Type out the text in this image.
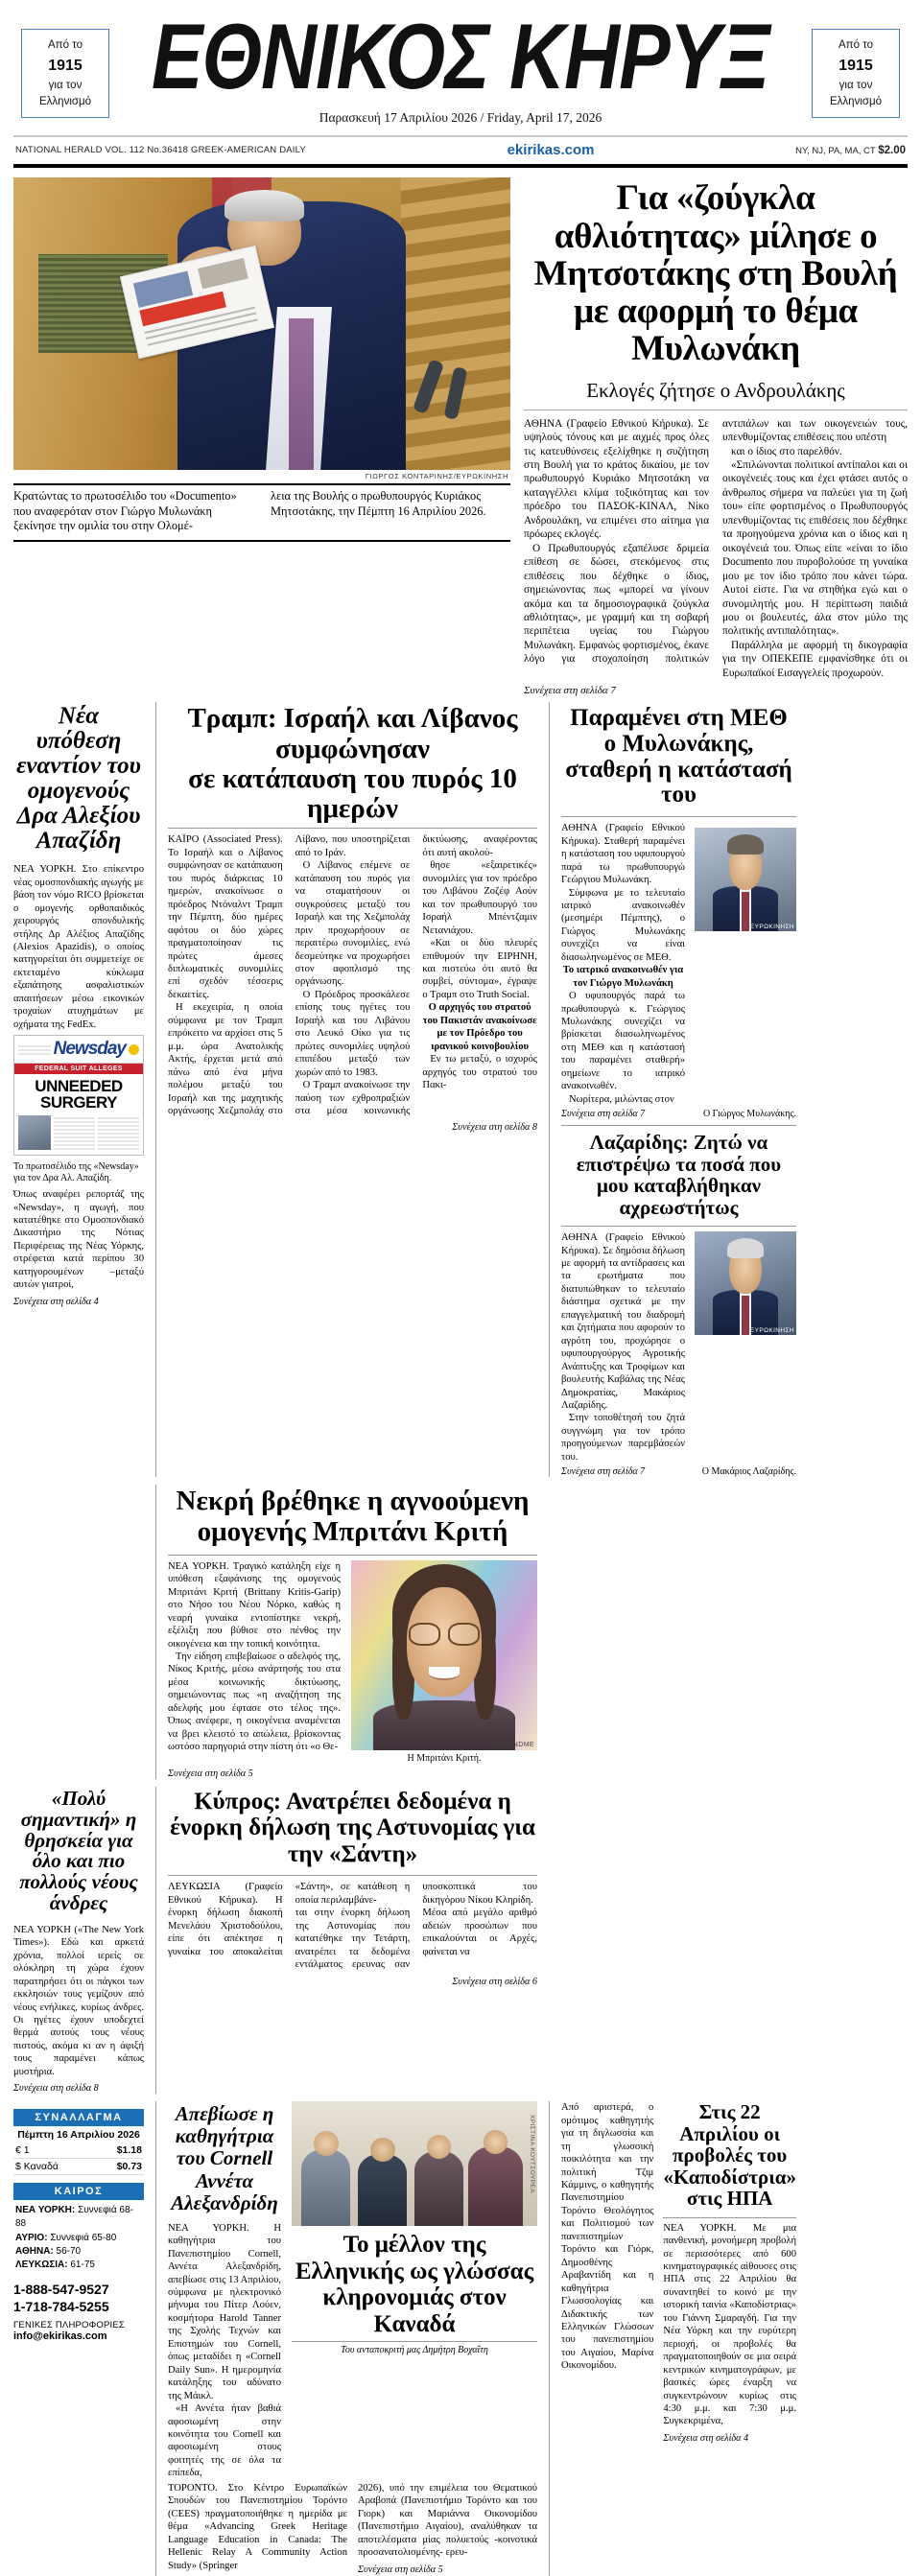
Από το
1915
για τον
Ελληνισμό ΕΘΝΙΚΟΣ ΚΗΡΥΞ
Παρασκευή 17 Απριλίου 2026 / Friday, April 17, 2026
Από το
1915
για τον
Ελληνισμό
NATIONAL HERALD VOL. 112 No.36418 GREEK-AMERICAN DAILY	ekirikas.com	NY, NJ, PA, MA, CT $2.00
ΓΙΩΡΓΟΣ ΚΟΝΤΑΡΙΝΗΣ/ΕΥΡΩΚΙΝΗΣΗ
Κρατώντας το πρωτοσέλιδο του «Documento» που αναφερόταν στον Γιώργο Μυλωνάκη ξεκίνησε την ομιλία του στην Ολομέ-
λεια της Βουλής ο πρωθυπουργός Κυριάκος Μητσοτάκης, την Πέμπτη 16 Απριλίου 2026.
Για «ζούγκλα αθλιότητας» μίλησε ο Μητσοτάκης στη Βουλή με αφορμή το θέμα Μυλωνάκη
Εκλογές ζήτησε ο Ανδρουλάκης

ΑΘΗΝΑ (Γραφείο Εθνικού Κήρυκα). Σε υψηλούς τόνους και με αιχμές προς όλες τις κατευθύνσεις εξελίχθηκε η συζήτηση στη Βουλή για το κράτος δικαίου, με τον πρωθυπουργό Κυριάκο Μητσοτάκη να καταγγέλλει κλίμα τοξικότητας και τον πρόεδρο του ΠΑΣΟΚ-ΚΙΝΑΛ, Νίκο Ανδρουλάκη, να επιμένει στο αίτημα για πρόωρες εκλογές.

Ο Πρωθυπουργός εξαπέλυσε δριμεία επίθεση σε δώσει, στεκόμενος στις επιθέσεις που δέχθηκε ο ίδιος, σημειώνοντας πως «μπορεί να γίνουν ακόμα και τα δημοσιογραφικά ζούγκλα αθλιότητας», με γραμμή και τη σοβαρή περιπέτεια υγείας του Γιώργου Μυλωνάκη. Εμφανώς φορτισμένος, έκανε λόγο για στοχοποίηση πολιτικών αντιπάλων και των οικογενειών τους, υπενθυμίζοντας επιθέσεις που υπέστη

και ο ίδιος στο παρελθόν.

«Σπιλώνονται πολιτικοί αντίπαλοι και οι οικογένειές τους και έχει φτάσει αυτός ο άνθρωπος σήμερα να παλεύει για τη ζωή του» είπε φορτισμένος ο Πρωθυπουργός υπενθυμίζοντας τις επιθέσεις που δέχθηκε τα προηγούμενα χρόνια και ο ίδιος και η οικογένειά του. Όπως είπε «είναι το ίδιο Documento που πυροβολούσε τη γυναίκα μου με τον ίδιο τρόπο που κάνει τώρα. Αυτοί είστε. Για να στηθήκα εγώ και ο συνομιλητής μου. Η περίπτωση παιδιά μου οι βουλευτές, άλα στον μύλο της πολιτικής αντιπαλότητας».

Παράλληλα με αφορμή τη δικογραφία για την ΟΠΕΚΕΠΕ εμφανίσθηκε ότι οι Ευρωπαϊκοί Εισαγγελείς προχωρούν.

Συνέχεια στη σελίδα 7
Νέα υπόθεση εναντίον του ομογενούς Δρα Αλεξίου Απαζίδη

ΝΕΑ ΥΟΡΚΗ. Στο επίκεντρο νέας ομοσπονδιακής αγωγής με βάση τον νόμο RICO βρίσκεται ο ομογενής ορθοπαιδικός χειρουργός σπονδυλικής στήλης Δρ Αλέξιος Απαζίδης (Alexios Apazidis), ο οποίος κατηγορείται ότι συμμετείχε σε εκτεταμένο κύκλωμα εξαπάτησης ασφαλιστικών απαιτήσεων μέσω εικονικών τροχαίων ατυχημάτων με οχήματα της FedEx.

Newsday
FEDERAL SUIT ALLEGES
UNNEEDED SURGERY
Το πρωτοσέλιδο της «Newsday» για τον Δρα Αλ. Απαζίδη.

Όπως αναφέρει ρεπορτάζ της «Newsday», η αγωγή, που κατατέθηκε στο Ομοσπονδιακό Δικαστήριο της Νότιας Περιφέρειας της Νέας Υόρκης, στρέφεται κατά περίπου 30 κατηγορουμένων –μεταξύ αυτών γιατροί,

Συνέχεια στη σελίδα 4
Τραμπ: Ισραήλ και Λίβανος συμφώνησαν
σε κατάπαυση του πυρός 10 ημερών

ΚΑΪΡΟ (Associated Press). Το Ισραήλ και ο Λίβανος συμφώνησαν σε κατάπαυση του πυρός διάρκειας 10 ημερών, ανακοίνωσε ο πρόεδρος Ντόναλντ Τραμπ την Πέμπτη, δύο ημέρες αφότου οι δύο χώρες πραγματοποίησαν τις πρώτες άμεσες διπλωματικές συνομιλίες επί σχεδόν τέσσερις δεκαετίες.

Η εκεχειρία, η οποία σύμφωνα με τον Τραμπ επρόκειτο να αρχίσει στις 5 μ.μ. ώρα Ανατολικής Ακτής, έρχεται μετά από πάνω από ένα μήνα πολέμου μεταξύ του Ισραήλ και της μαχητικής οργάνωσης Χεζμπολάχ στο Λίβανο, που υποστηρίζεται από το Ιράν.

Ο Λίβανος επέμενε σε κατάπαυση του πυρός για να σταματήσουν οι συγκρούσεις μεταξύ του Ισραήλ και της Χεζμπολάχ πριν προχωρήσουν σε περαιτέρω συνομιλίες, ενώ δεσμεύτηκε να προχωρήσει στον αφοπλισμό της οργάνωσης.

Ο Πρόεδρος προσκάλεσε επίσης τους ηγέτες του Ισραήλ και του Λιβάνου στο Λευκό Οίκο για τις πρώτες συνομιλίες υψηλού επιπέδου μεταξύ των χωρών από το 1983.

Ο Τραμπ ανακοίνωσε την παύση των εχθροπραξιών στα μέσα κοινωνικής δικτύωσης, αναφέροντας ότι αυτή ακολού-

θησε «εξαιρετικές» συνομιλίες για τον πρόεδρο του Λιβάνου Ζοζέφ Αούν και τον πρωθυπουργό του Ισραήλ Μπέντζαμιν Νετανιάχου.

«Και οι δύο πλευρές επιθυμούν την ΕΙΡΗΝΗ, και πιστεύω ότι αυτό θα συμβεί, σύντομα», έγραψε ο Τραμπ στο Truth Social.

Ο αρχηγός του στρατού του Πακιστάν ανακοίνωσε με τον Πρόεδρο του ιρανικού κοινοβουλίου

Εν τω μεταξύ, ο ισχυρός αρχηγός του στρατού του Πακι-

Συνέχεια στη σελίδα 8
Παραμένει στη ΜΕΘ ο Μυλωνάκης, σταθερή η κατάστασή του

ΑΘΗΝΑ (Γραφείο Εθνικού Κήρυκα). Σταθερή παραμένει η κατάσταση του υφυπουργού παρά τω πρωθυπουργώ Γεώργιου Μυλωνάκη.

Σύμφωνα με το τελευταίο ιατρικό ανακοινωθέν (μεσημέρι Πέμπτης), ο Γιώργος Μυλωνάκης συνεχίζει να είναι διασωληνωμένος σε ΜΕΘ.

Το ιατρικό ανακοινωθέν για τον Γιώργο Μυλωνάκη

Ο υφυπουργός παρά τω πρωθυπουργώ κ. Γεώργιος Μυλωνάκης συνεχίζει να βρίσκεται διασωληνωμένος στη ΜΕΘ και η κατάστασή του παραμένει σταθερή» σημείωνε το ιατρικό ανακοινωθέν.

Νωρίτερα, μιλώντας στον

ΕΥΡΩΚΙΝΗΣΗ
Συνέχεια στη σελίδα 7	Ο Γιώργος Μυλωνάκης.
Λαζαρίδης: Ζητώ να επιστρέψω τα ποσά που μου καταβλήθηκαν αχρεωστήτως

ΑΘΗΝΑ (Γραφείο Εθνικού Κήρυκα). Σε δημόσια δήλωση με αφορμή τα αντίδρασεις και τα ερωτήματα που διατυπώθηκαν το τελευταίο διάστημα σχετικά με την επαγγελματική του διαδρομή και ζητήματα που αφορούν το αγρότη του, προχώρησε ο υφυπουργούργος Αγροτικής Ανάπτυξης και Τροφίμων και βουλευτής Καβάλας της Νέας Δημοκρατίας, Μακάριος Λαζαρίδης.

Στην τοποθέτησή του ζητά συγγνώμη για τον τρόπο προηγούμενων παρεμβάσεών του.

ΕΥΡΩΚΙΝΗΣΗ
Συνέχεια στη σελίδα 7	Ο Μακάριος Λαζαρίδης.
Νεκρή βρέθηκε η αγνοούμενη ομογενής Μπριτάνι Κριτή

ΝΕΑ ΥΟΡΚΗ. Τραγικό κατάληξη είχε η υπόθεση εξαφάνισης της ομογενούς Μπριτάνι Κριτή (Brittany Kritis-Garip) στο Νήσο του Νέου Νόρκο, καθώς η νεαρή γυναίκα εντοπίστηκε νεκρή, εξέλιξη που βύθισε στο πένθος την οικογένεια και την τοπική κοινότητα.

Την είδηση επιβεβαίωσε ο αδελφός της, Νίκος Κριτής, μέσω ανάρτησής του στα μέσα κοινωνικής δικτύωσης, σημειώνοντας πως «η αναζήτηση της αδελφής μου έφτασε στο τέλος της». Όπως ανέφερε, η οικογένεια αναμένεται να βρει κλειστό το απώλεια, βρίσκοντας ωστόσο παρηγοριά στην πίστη ότι «ο Θε-	GOFUNDME
Η Μπριτάνι Κριτή.
Συνέχεια στη σελίδα 5
«Πολύ σημαντική» η θρησκεία για όλο και πιο πολλούς νέους άνδρες

ΝΕΑ ΥΟΡΚΗ («The New York Times»). Εδώ και αρκετά χρόνια, πολλοί ιερείς σε ολόκληρη τη χώρα έχουν παρατηρήσει ότι οι πάγκοι των εκκλησιών τους γεμίζουν από νέους ενήλικες, κυρίως άνδρες. Οι ηγέτες έχουν υποδεχτεί θερμά αυτούς τους νέους πιστούς, ακόμα κι αν η άφιξή τους παραμένει κάπως μυστήρια.

Συνέχεια στη σελίδα 8
Κύπρος: Ανατρέπει δεδομένα η ένορκη δήλωση της Αστυνομίας για την «Σάντη»

ΛΕΥΚΩΣΙΑ (Γραφείο Εθνικού Κήρυκα). Η ένορκη δήλωση διακοπή Μενελάου Χριστοδούλου, είπε ότι απέκτησε η γυναίκα του αποκαλείται «Σάντη», σε κατάθεση η οποία περιλαμβάνε-

ται στην ένορκη δήλωση της Αστυνομίας που κατατέθηκε την Τετάρτη, ανατρέπει τα δεδομένα εντάλματος ερευνας σαν υποσκοπτικά του δικηγόρου Νίκου Κληρίδη.

Μέσα από μεγάλο αριθμό αδειών προσώπων που επικαλούνται οι Αρχές, φαίνεται να

Συνέχεια στη σελίδα 6
ΣΥΝΑΛΛΑΓΜΑ
Πέμπτη 16 Απριλίου 2026
€ 1	$1.18
$ Καναδά	$0.73
ΚΑΙΡΟΣ
ΝΕΑ ΥΟΡΚΗ: Συννεφιά 68-88
ΑΥΡΙΟ: Συννεφιά 65-80
ΑΘΗΝΑ: 56-70
ΛΕΥΚΩΣΙΑ: 61-75
1-888-547-9527
1-718-784-5255
ΓΕΝΙΚΕΣ ΠΛΗΡΟΦΟΡΙΕΣ
info@ekirikas.com
Απεβίωσε η καθηγήτρια του Cornell Αννέτα Αλεξανδρίδη

ΝΕΑ ΥΟΡΚΗ. Η καθηγήτρια του Πανεπιστημίου Cornell, Αννέτα Αλεξανδρίδη, απεβίωσε στις 13 Απριλίου, σύμφωνα με ηλεκτρονικό μήνυμα του Πίτερ Λούεν, κοσμήτορα Harold Tanner της Σχολής Τεχνών και Επιστημών του Cornell, όπως μεταδίδει η «Cornell Daily Sun». Η ημερομηνία κατάληξης του αδύνατο της Μάικλ.

«Η Αννέτα ήταν βαθιά αφοσιωμένη στην κοινότητα του Cornell και αφοσιωμένη στους φοιτητές της σε όλα τα επίπεδα,

ΧΡΙΣΤΙΝΑ ΚΟΥΤΣΟΥΡΕΑ
Το μέλλον της Ελληνικής ως γλώσσας κληρονομιάς στον Καναδά
Του ανταποκριτή μας Δημήτρη Βοχαΐτη

ΤΟΡΟΝΤΟ. Στο Κέντρο Ευρωπαϊκών Σπουδών του Πανεπιστημίου Τορόντο (CEES) πραγματοποιήθηκε η ημερίδα με θέμα «Advancing Greek Heritage Language Education in Canada: The Hellenic Relay A Community Action Study» (Springer

2026), υπό την επιμέλεια του Θεματικού Αραβοπά (Πανεπιστήμιο Τορόντο και του Γιορκ) και Μαριάννα Οικονομίδου (Πανεπιστήμιο Αιγαίου), αναλύθηκαν τα αποτελέσματα μίας πολυετούς -κοινοτικά προσανατολισμένης- ερευ-

Συνέχεια στη σελίδα 5

Από αριστερά, ο ομότιμος καθηγητής για τη διγλωσσία και τη γλωσσική ποικιλότητα και την πολιτική Τζιμ Κάμμινς, ο καθηγητής Πανεπιστημίου Τορόντο Θεολόγητος και Πολιτισμού των πανεπιστημίων Τορόντο και Γιόρκ, Δημοσθένης Αραβαντίδη και η καθηγήτρια Γλωσσολογίας και Διδακτικής των Ελληνικών Γλώσσων του πανεπιστημίου του Αιγαίου, Μαρίνα Οικονομίδου.

Στις 22 Απριλίου οι προβολές του «Καποδίστρια» στις ΗΠΑ

ΝΕΑ ΥΟΡΚΗ. Με μια πανθενική, μονοήμερη προβολή σε περισσότερες από 600 κινηματογραφικές αίθουσες στις ΗΠΑ στις 22 Απριλίου θα συναντηθεί το κοινό με την ιστορική ταινία «Καποδίστριας» του Γιάννη Σμαραγδή. Για την Νέα Υόρκη και την ευρύτερη περιοχή, οι προβολές θα πραγματοποιηθούν σε μια σειρά κεντρικών κινηματογράφων, με βασικές ώρες έναρξη να συγκεντρώνουν κυρίως στις 4:30 μ.μ. και 7:30 μ.μ. Συγκεκριμένα,

Συνέχεια στη σελίδα 4
